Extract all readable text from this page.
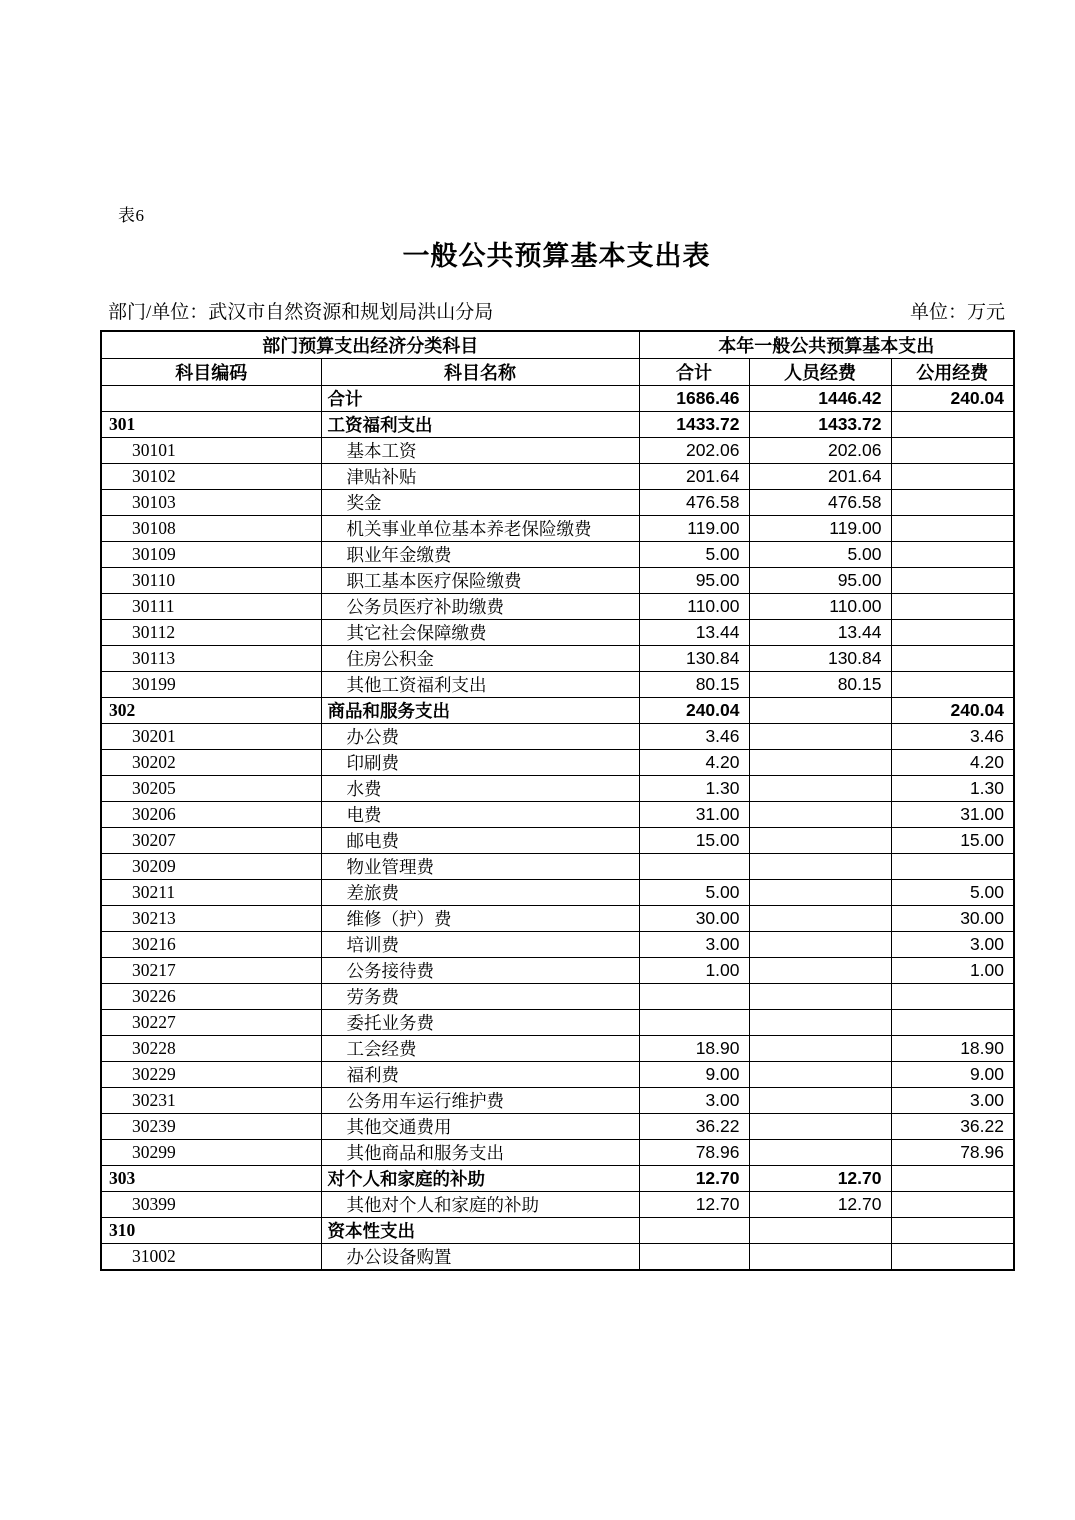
表6
一般公共预算基本支出表
部门/单位：武汉市自然资源和规划局洪山分局	单位：万元
部门预算支出经济分类科目		本年一般公共预算基本支出		
科目编码	科目名称	合计	人员经费	公用经费
	合计	1686.46	1446.42	240.04
301	工资福利支出	1433.72	1433.72	
30101	基本工资	202.06	202.06	
30102	津贴补贴	201.64	201.64	
30103	奖金	476.58	476.58	
30108	机关事业单位基本养老保险缴费	119.00	119.00	
30109	职业年金缴费	5.00	5.00	
30110	职工基本医疗保险缴费	95.00	95.00	
30111	公务员医疗补助缴费	110.00	110.00	
30112	其它社会保障缴费	13.44	13.44	
30113	住房公积金	130.84	130.84	
30199	其他工资福利支出	80.15	80.15	
302	商品和服务支出	240.04		240.04
30201	办公费	3.46		3.46
30202	印刷费	4.20		4.20
30205	水费	1.30		1.30
30206	电费	31.00		31.00
30207	邮电费	15.00		15.00
30209	物业管理费			
30211	差旅费	5.00		5.00
30213	维修（护）费	30.00		30.00
30216	培训费	3.00		3.00
30217	公务接待费	1.00		1.00
30226	劳务费			
30227	委托业务费			
30228	工会经费	18.90		18.90
30229	福利费	9.00		9.00
30231	公务用车运行维护费	3.00		3.00
30239	其他交通费用	36.22		36.22
30299	其他商品和服务支出	78.96		78.96
303	对个人和家庭的补助	12.70	12.70	
30399	其他对个人和家庭的补助	12.70	12.70	
310	资本性支出			
31002	办公设备购置			
